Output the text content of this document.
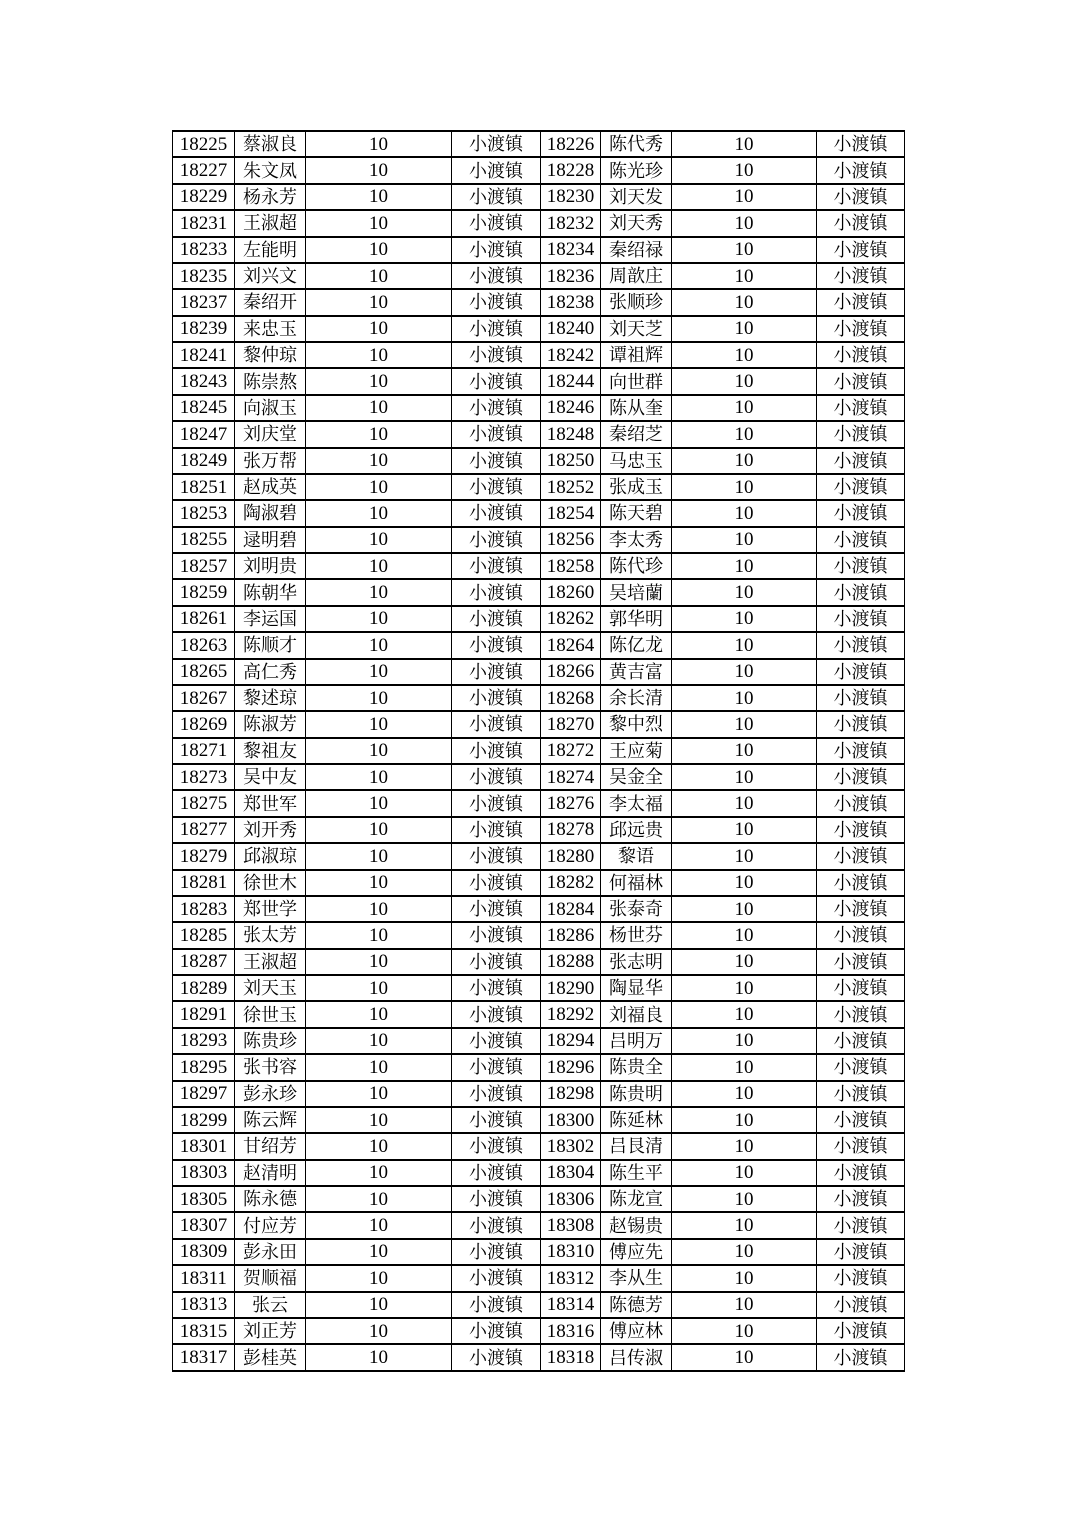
18225	蔡淑良	10	小渡镇	18226	陈代秀	10	小渡镇
18227	朱文凤	10	小渡镇	18228	陈光珍	10	小渡镇
18229	杨永芳	10	小渡镇	18230	刘天发	10	小渡镇
18231	王淑超	10	小渡镇	18232	刘天秀	10	小渡镇
18233	左能明	10	小渡镇	18234	秦绍禄	10	小渡镇
18235	刘兴文	10	小渡镇	18236	周歆庄	10	小渡镇
18237	秦绍开	10	小渡镇	18238	张顺珍	10	小渡镇
18239	来忠玉	10	小渡镇	18240	刘天芝	10	小渡镇
18241	黎仲琼	10	小渡镇	18242	谭祖辉	10	小渡镇
18243	陈崇熬	10	小渡镇	18244	向世群	10	小渡镇
18245	向淑玉	10	小渡镇	18246	陈从奎	10	小渡镇
18247	刘庆堂	10	小渡镇	18248	秦绍芝	10	小渡镇
18249	张万帮	10	小渡镇	18250	马忠玉	10	小渡镇
18251	赵成英	10	小渡镇	18252	张成玉	10	小渡镇
18253	陶淑碧	10	小渡镇	18254	陈天碧	10	小渡镇
18255	逯明碧	10	小渡镇	18256	李太秀	10	小渡镇
18257	刘明贵	10	小渡镇	18258	陈代珍	10	小渡镇
18259	陈朝华	10	小渡镇	18260	吴培蘭	10	小渡镇
18261	李运国	10	小渡镇	18262	郭华明	10	小渡镇
18263	陈顺才	10	小渡镇	18264	陈亿龙	10	小渡镇
18265	高仁秀	10	小渡镇	18266	黄吉富	10	小渡镇
18267	黎述琼	10	小渡镇	18268	余长清	10	小渡镇
18269	陈淑芳	10	小渡镇	18270	黎中烈	10	小渡镇
18271	黎祖友	10	小渡镇	18272	王应菊	10	小渡镇
18273	吴中友	10	小渡镇	18274	吴金全	10	小渡镇
18275	郑世军	10	小渡镇	18276	李太福	10	小渡镇
18277	刘开秀	10	小渡镇	18278	邱远贵	10	小渡镇
18279	邱淑琼	10	小渡镇	18280	黎语	10	小渡镇
18281	徐世木	10	小渡镇	18282	何福林	10	小渡镇
18283	郑世学	10	小渡镇	18284	张泰奇	10	小渡镇
18285	张太芳	10	小渡镇	18286	杨世芬	10	小渡镇
18287	王淑超	10	小渡镇	18288	张志明	10	小渡镇
18289	刘天玉	10	小渡镇	18290	陶显华	10	小渡镇
18291	徐世玉	10	小渡镇	18292	刘福良	10	小渡镇
18293	陈贵珍	10	小渡镇	18294	吕明万	10	小渡镇
18295	张书容	10	小渡镇	18296	陈贵全	10	小渡镇
18297	彭永珍	10	小渡镇	18298	陈贵明	10	小渡镇
18299	陈云辉	10	小渡镇	18300	陈延林	10	小渡镇
18301	甘绍芳	10	小渡镇	18302	吕艮清	10	小渡镇
18303	赵清明	10	小渡镇	18304	陈生平	10	小渡镇
18305	陈永德	10	小渡镇	18306	陈龙宣	10	小渡镇
18307	付应芳	10	小渡镇	18308	赵锡贵	10	小渡镇
18309	彭永田	10	小渡镇	18310	傅应先	10	小渡镇
18311	贺顺福	10	小渡镇	18312	李从生	10	小渡镇
18313	张云	10	小渡镇	18314	陈德芳	10	小渡镇
18315	刘正芳	10	小渡镇	18316	傅应林	10	小渡镇
18317	彭桂英	10	小渡镇	18318	吕传淑	10	小渡镇
